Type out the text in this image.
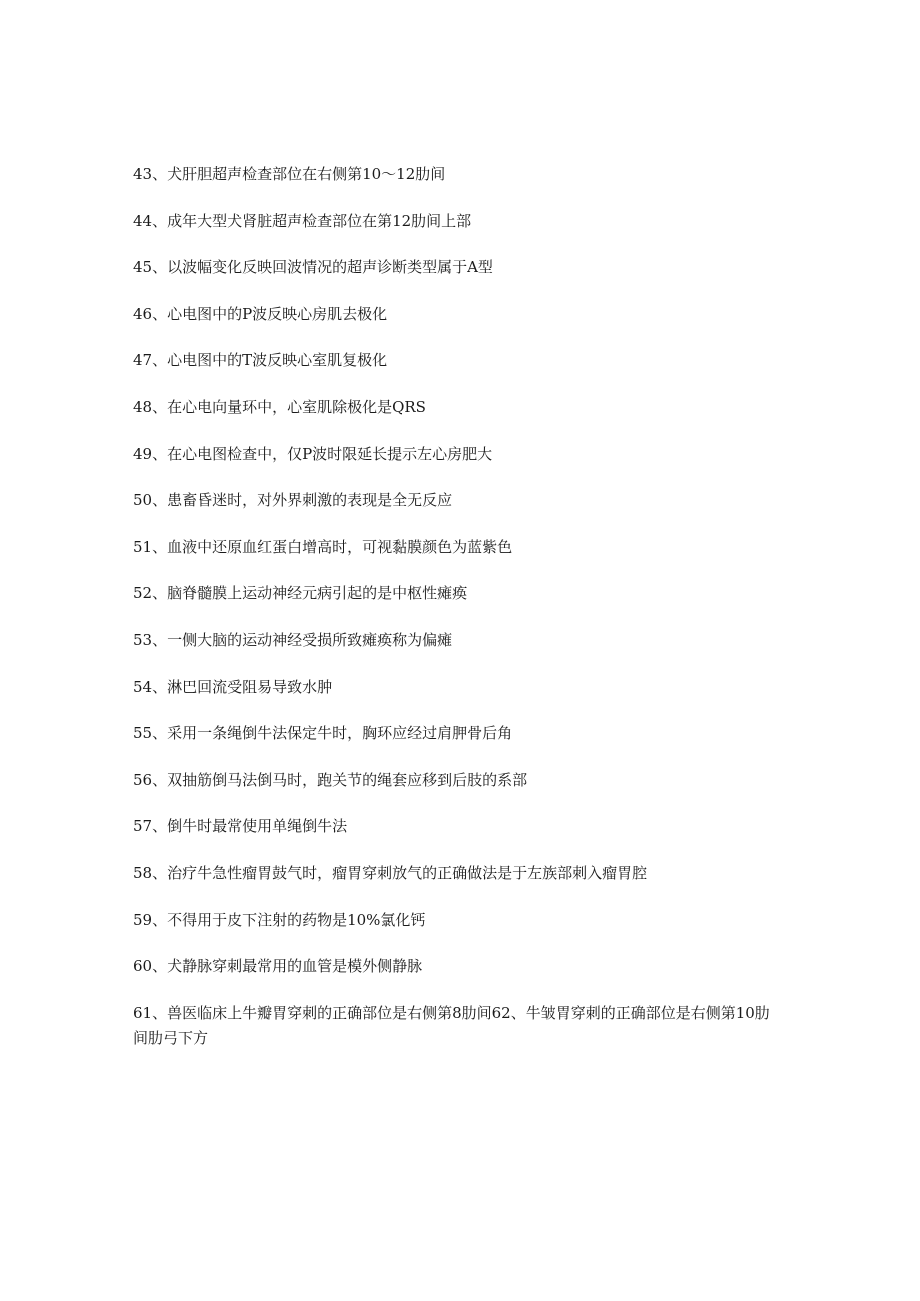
43、犬肝胆超声检查部位在右侧第10～12肋间
44、成年大型犬肾脏超声检查部位在第12肋间上部
45、以波幅变化反映回波情况的超声诊断类型属于A型
46、心电图中的P波反映心房肌去极化
47、心电图中的T波反映心室肌复极化
48、在心电向量环中，心室肌除极化是QRS
49、在心电图检查中，仅P波时限延长提示左心房肥大
50、患畜昏迷时，对外界刺激的表现是全无反应
51、血液中还原血红蛋白增高时，可视黏膜颜色为蓝紫色
52、脑脊髓膜上运动神经元病引起的是中枢性瘫痪
53、一侧大脑的运动神经受损所致瘫痪称为偏瘫
54、淋巴回流受阻易导致水肿
55、采用一条绳倒牛法保定牛时，胸环应经过肩胛骨后角
56、双抽筋倒马法倒马时，跑关节的绳套应移到后肢的系部
57、倒牛时最常使用单绳倒牛法
58、治疗牛急性瘤胃鼓气时，瘤胃穿刺放气的正确做法是于左族部刺入瘤胃腔
59、不得用于皮下注射的药物是10%氯化钙
60、犬静脉穿刺最常用的血管是模外侧静脉
61、兽医临床上牛瓣胃穿刺的正确部位是右侧第8肋间62、牛皱胃穿刺的正确部位是右侧第10肋间肋弓下方
